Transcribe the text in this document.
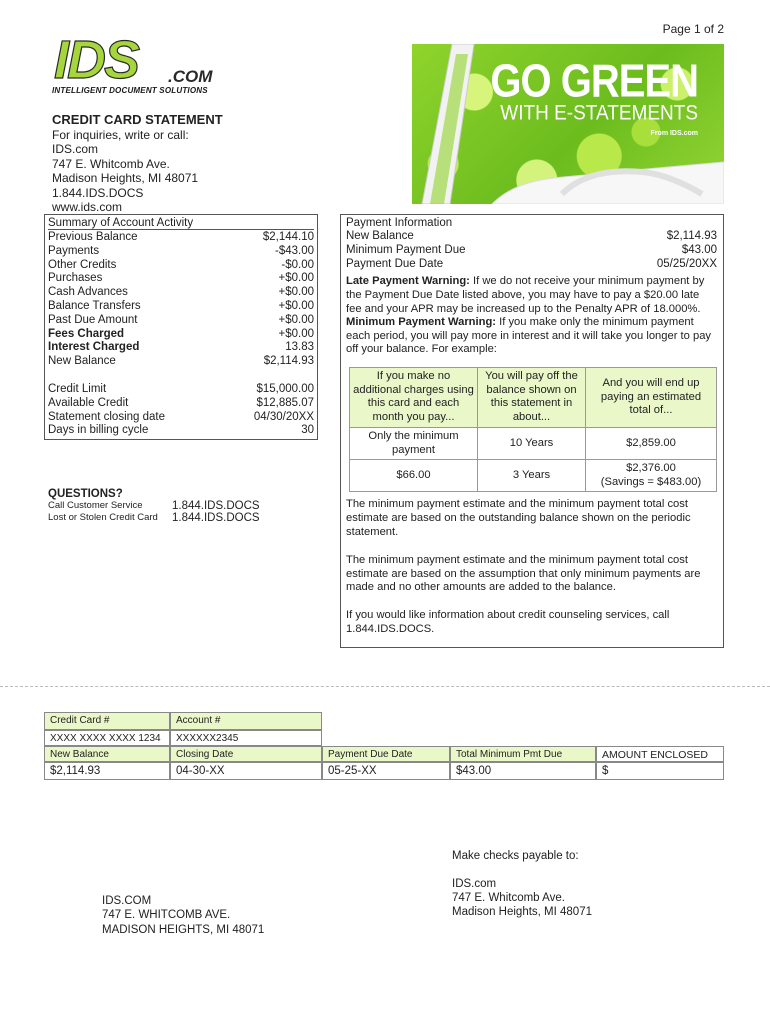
Page 1 of 2
IDS .COM
INTELLIGENT DOCUMENT SOLUTIONS	GO GREEN
WITH E-STATEMENTS
From IDS.com
CREDIT CARD STATEMENT
For inquiries, write or call:
IDS.com
747 E. Whitcomb Ave.
Madison Heights, MI 48071
1.844.IDS.DOCS
www.ids.com
Summary of Account Activity
Previous Balance	$2,144.10
Payments	-$43.00
Other Credits	-$0.00
Purchases	+$0.00
Cash Advances	+$0.00
Balance Transfers	+$0.00
Past Due Amount	+$0.00
Fees Charged	+$0.00
Interest Charged	13.83
New Balance	$2,114.93
Credit Limit	$15,000.00
Available Credit	$12,885.07
Statement closing date	04/30/20XX
Days in billing cycle	30
Payment Information
New Balance	$2,114.93
Minimum Payment Due	$43.00
Payment Due Date	05/25/20XX
Late Payment Warning: If we do not receive your minimum payment by the Payment Due Date listed above, you may have to pay a $20.00 late fee and your APR may be increased up to the Penalty APR of 18.000%.
Minimum Payment Warning: If you make only the minimum payment each period, you will pay more in interest and it will take you longer to pay off your balance. For example:
If you make no additional charges using this card and each month you pay...	You will pay off the balance shown on this statement in about...	And you will end up paying an estimated total of...
Only the minimum payment	10 Years	$2,859.00
$66.00	3 Years	$2,376.00
(Savings = $483.00)
The minimum payment estimate and the minimum payment total cost estimate are based on the outstanding balance shown on the periodic statement.
The minimum payment estimate and the minimum payment total cost estimate are based on the assumption that only minimum payments are made and no other amounts are added to the balance.
If you would like information about credit counseling services, call 1.844.IDS.DOCS.
QUESTIONS?
Call Customer Service	1.844.IDS.DOCS
Lost or Stolen Credit Card	1.844.IDS.DOCS
Credit Card #	Account #
XXXX XXXX XXXX 1234	XXXXXX2345
New Balance	Closing Date	Payment Due Date	Total Minimum Pmt Due	AMOUNT ENCLOSED
$2,114.93	04-30-XX	05-25-XX	$43.00	$
Make checks payable to:
IDS.com
747 E. Whitcomb Ave.
Madison Heights, MI 48071
IDS.COM
747 E. WHITCOMB AVE.
MADISON HEIGHTS, MI 48071
